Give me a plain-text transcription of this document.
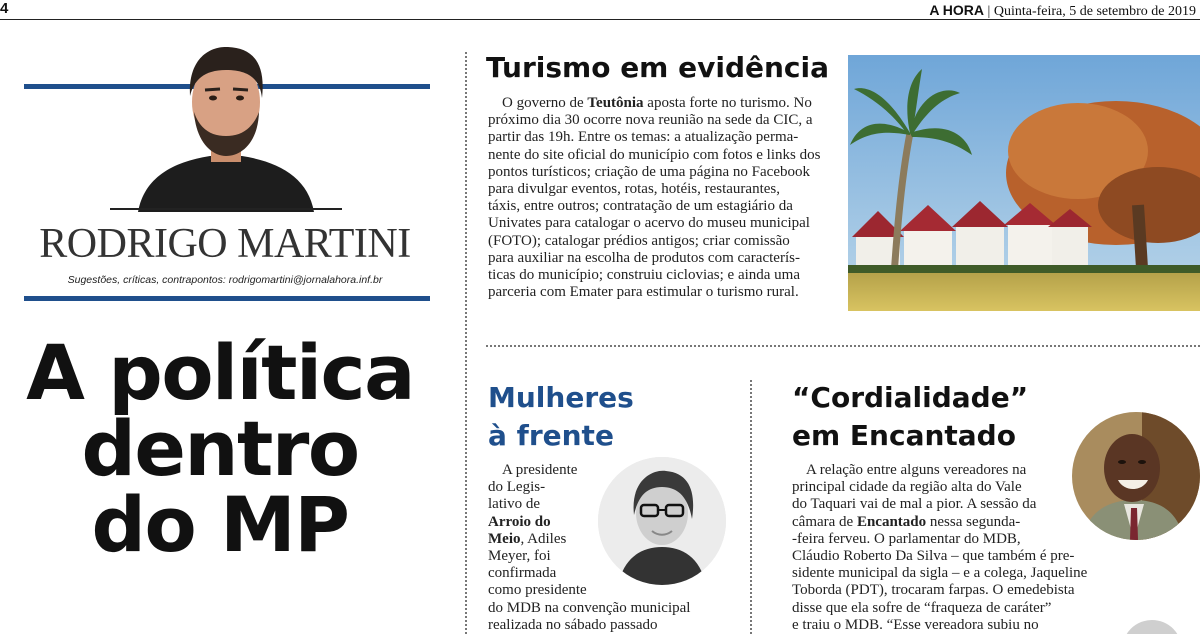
4	A HORA | Quinta-feira, 5 de setembro de 2019
RODRIGO MARTINI
Sugestões, críticas, contrapontos: rodrigomartini@jornalahora.inf.br
A política
dentro
do MP
Turismo em evidência
O governo de Teutônia aposta forte no turismo. No
próximo dia 30 ocorre nova reunião na sede da CIC, a
partir das 19h. Entre os temas: a atualização perma-
nente do site oficial do município com fotos e links dos
pontos turísticos; criação de uma página no Facebook
para divulgar eventos, rotas, hotéis, restaurantes,
táxis, entre outros; contratação de um estagiário da
Univates para catalogar o acervo do museu municipal
(FOTO); catalogar prédios antigos; criar comissão
para auxiliar na escolha de produtos com caracterís-
ticas do município; construiu ciclovias; e ainda uma
parceria com Emater para estimular o turismo rural.
Mulheres
à frente
A presidente
do Legis-
lativo de
Arroio do
Meio, Adiles
Meyer, foi
confirmada
como presidente
do MDB na convenção municipal
realizada no sábado passado
“Cordialidade”
em Encantado
A relação entre alguns vereadores na
principal cidade da região alta do Vale
do Taquari vai de mal a pior. A sessão da
câmara de Encantado nessa segunda-
-feira ferveu. O parlamentar do MDB,
Cláudio Roberto Da Silva – que também é pre-
sidente municipal da sigla – e a colega, Jaqueline
Toborda (PDT), trocaram farpas. O emedebista
disse que ela sofre de “fraqueza de caráter”
e traiu o MDB. “Esse vereadora subiu no
